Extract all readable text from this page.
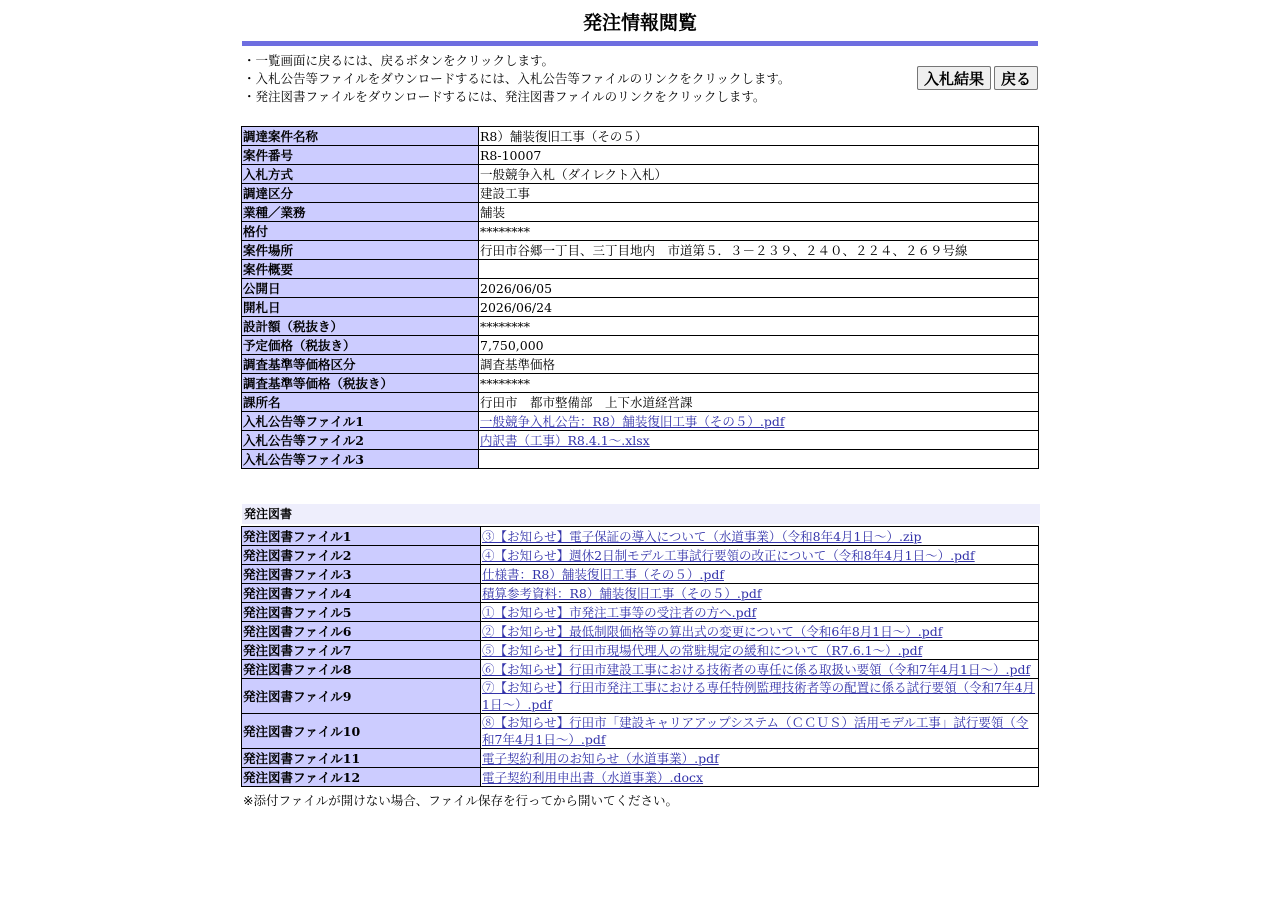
発注情報閲覧
・一覧画面に戻るには、戻るボタンをクリックします。
・入札公告等ファイルをダウンロードするには、入札公告等ファイルのリンクをクリックします。
・発注図書ファイルをダウンロードするには、発注図書ファイルのリンクをクリックします。
入札結果	戻る
調達案件名称	R8）舗装復旧工事（その５）
案件番号	R8-10007
入札方式	一般競争入札（ダイレクト入札）
調達区分	建設工事
業種／業務	舗装
格付	********
案件場所	行田市谷郷一丁目、三丁目地内　市道第５．３－２３９、２４０、２２４、２６９号線
案件概要	
公開日	2026/06/05
開札日	2026/06/24
設計額（税抜き）	********
予定価格（税抜き）	7,750,000
調査基準等価格区分	調査基準価格
調査基準等価格（税抜き）	********
課所名	行田市　都市整備部　上下水道経営課
入札公告等ファイル1	一般競争入札公告：R8）舗装復旧工事（その５）.pdf
入札公告等ファイル2	内訳書（工事）R8.4.1～.xlsx
入札公告等ファイル3	
発注図書
発注図書ファイル1	③【お知らせ】電子保証の導入について（水道事業）（令和8年4月1日～）.zip
発注図書ファイル2	④【お知らせ】週休2日制モデル工事試行要領の改正について（令和8年4月1日～）.pdf
発注図書ファイル3	仕様書：R8）舗装復旧工事（その５）.pdf
発注図書ファイル4	積算参考資料：R8）舗装復旧工事（その５）.pdf
発注図書ファイル5	①【お知らせ】市発注工事等の受注者の方へ.pdf
発注図書ファイル6	②【お知らせ】最低制限価格等の算出式の変更について（令和6年8月1日～）.pdf
発注図書ファイル7	⑤【お知らせ】行田市現場代理人の常駐規定の緩和について（R7.6.1～）.pdf
発注図書ファイル8	⑥【お知らせ】行田市建設工事における技術者の専任に係る取扱い要領（令和7年4月1日～）.pdf
発注図書ファイル9	⑦【お知らせ】行田市発注工事における専任特例監理技術者等の配置に係る試行要領（令和7年4月1日～）.pdf
発注図書ファイル10	⑧【お知らせ】行田市「建設キャリアアップシステム（ＣＣＵＳ）活用モデル工事」試行要領（令和7年4月1日～）.pdf
発注図書ファイル11	電子契約利用のお知らせ（水道事業）.pdf
発注図書ファイル12	電子契約利用申出書（水道事業）.docx
※添付ファイルが開けない場合、ファイル保存を行ってから開いてください。
